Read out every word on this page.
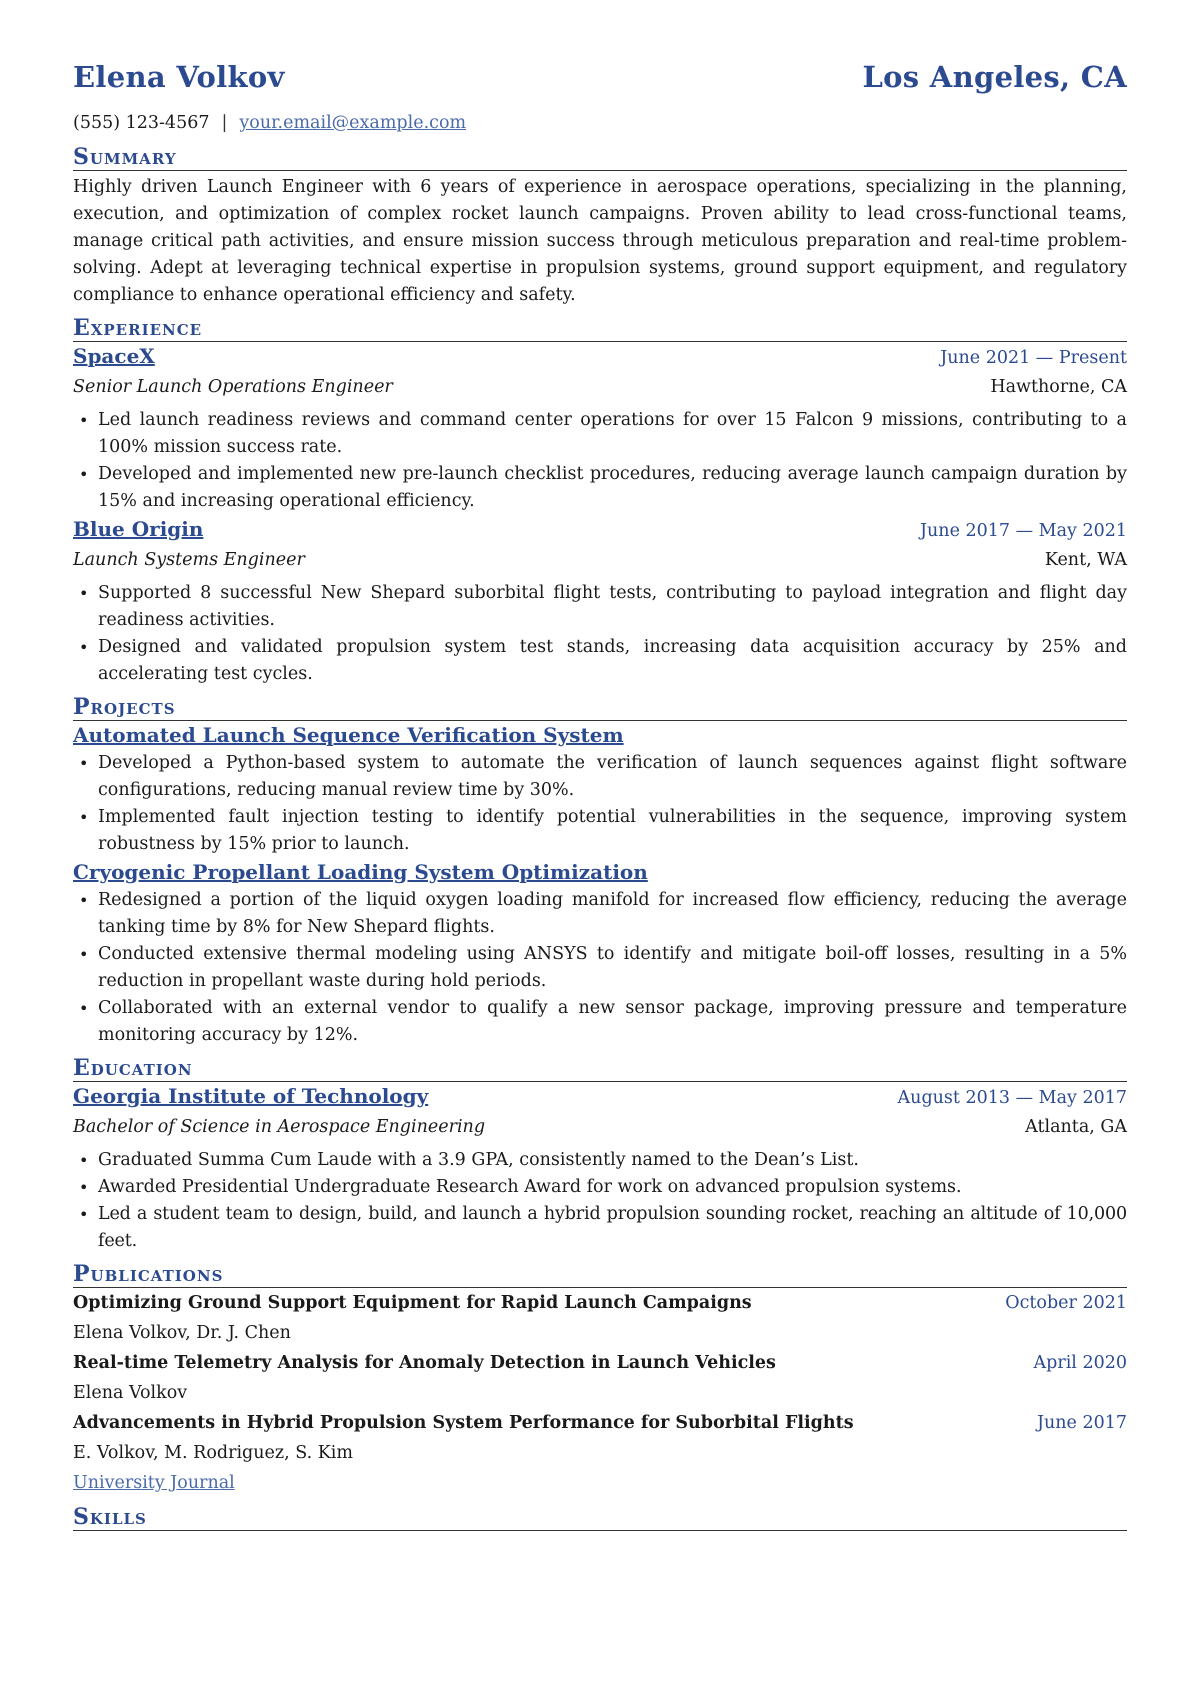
Elena Volkov	Los Angeles, CA
(555) 123-4567 | your.email@example.com
Summary

Highly driven Launch Engineer with 6 years of experience in aerospace operations, specializing in the planning, execution, and optimization of complex rocket launch campaigns. Proven ability to lead cross-functional teams, manage critical path activities, and ensure mission success through meticulous preparation and real-time problem-solving. Adept at leveraging technical expertise in propulsion systems, ground support equipment, and regulatory compliance to enhance operational efficiency and safety.

Experience
SpaceX	June 2021 — Present
Senior Launch Operations Engineer	Hawthorne, CA
• Led launch readiness reviews and command center operations for over 15 Falcon 9 missions, contributing to a 100% mission success rate.
• Developed and implemented new pre-launch checklist procedures, reducing average launch campaign duration by 15% and increasing operational efficiency.
Blue Origin	June 2017 — May 2021
Launch Systems Engineer	Kent, WA
• Supported 8 successful New Shepard suborbital flight tests, contributing to payload integration and flight day readiness activities.
• Designed and validated propulsion system test stands, increasing data acquisition accuracy by 25% and accelerating test cycles.
Projects
Automated Launch Sequence Verification System
• Developed a Python-based system to automate the verification of launch sequences against flight software configurations, reducing manual review time by 30%.
• Implemented fault injection testing to identify potential vulnerabilities in the sequence, improving system robustness by 15% prior to launch.
Cryogenic Propellant Loading System Optimization
• Redesigned a portion of the liquid oxygen loading manifold for increased flow efficiency, reducing the average tanking time by 8% for New Shepard flights.
• Conducted extensive thermal modeling using ANSYS to identify and mitigate boil-off losses, resulting in a 5% reduction in propellant waste during hold periods.
• Collaborated with an external vendor to qualify a new sensor package, improving pressure and temperature monitoring accuracy by 12%.
Education
Georgia Institute of Technology	August 2013 — May 2017
Bachelor of Science in Aerospace Engineering	Atlanta, GA
• Graduated Summa Cum Laude with a 3.9 GPA, consistently named to the Dean’s List.
• Awarded Presidential Undergraduate Research Award for work on advanced propulsion systems.
• Led a student team to design, build, and launch a hybrid propulsion sounding rocket, reaching an altitude of 10,000 feet.
Publications
Optimizing Ground Support Equipment for Rapid Launch Campaigns	October 2021
Elena Volkov, Dr. J. Chen
Real-time Telemetry Analysis for Anomaly Detection in Launch Vehicles	April 2020
Elena Volkov
Advancements in Hybrid Propulsion System Performance for Suborbital Flights	June 2017
E. Volkov, M. Rodriguez, S. Kim
University Journal
Skills
